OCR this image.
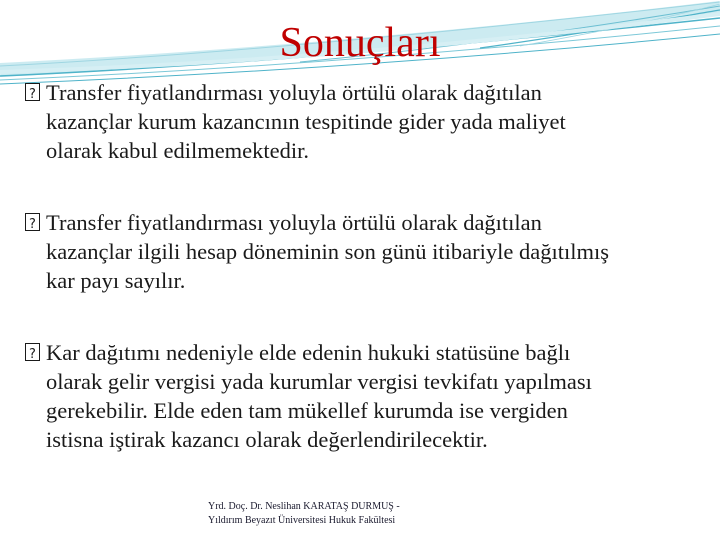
Sonuçları
?
Transfer fiyatlandırması yoluyla örtülü olarak dağıtılan
kazançlar kurum kazancının tespitinde gider yada maliyet
olarak kabul edilmemektedir.
?
Transfer fiyatlandırması yoluyla örtülü olarak dağıtılan
kazançlar ilgili hesap döneminin son günü itibariyle dağıtılmış
kar payı sayılır.
?
Kar dağıtımı nedeniyle elde edenin hukuki statüsüne bağlı
olarak gelir vergisi yada kurumlar vergisi tevkifatı yapılması
gerekebilir. Elde eden tam mükellef kurumda ise vergiden
istisna iştirak kazancı olarak değerlendirilecektir.
Yrd. Doç. Dr. Neslihan KARATAŞ DURMUŞ -
Yıldırım Beyazıt Üniversitesi Hukuk Fakültesi
